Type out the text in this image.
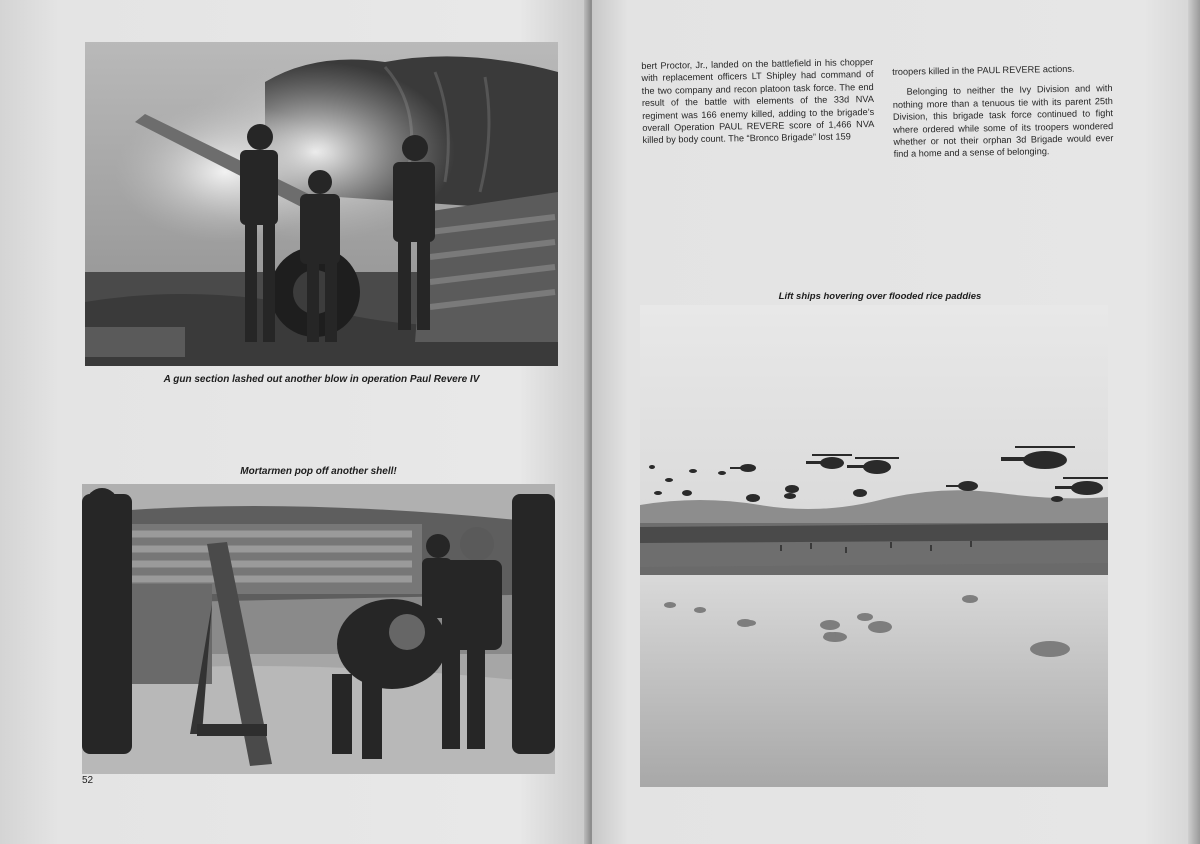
A gun section lashed out another blow in operation Paul Revere IV
Mortarmen pop off another shell!
52

bert Proctor, Jr., landed on the battlefield in his chopper with replacement officers LT Shipley had command of the two company and recon platoon task force. The end result of the battle with elements of the 33d NVA regiment was 166 enemy killed, adding to the brigade’s overall Operation PAUL REVERE score of 1,466 NVA killed by body count. The “Bronco Brigade” lost 159

troopers killed in the PAUL REVERE actions.

Belonging to neither the Ivy Division and with nothing more than a tenuous tie with its parent 25th Division, this brigade task force continued to fight where ordered while some of its troopers wondered whether or not their orphan 3d Brigade would ever find a home and a sense of belonging.

Lift ships hovering over flooded rice paddies
